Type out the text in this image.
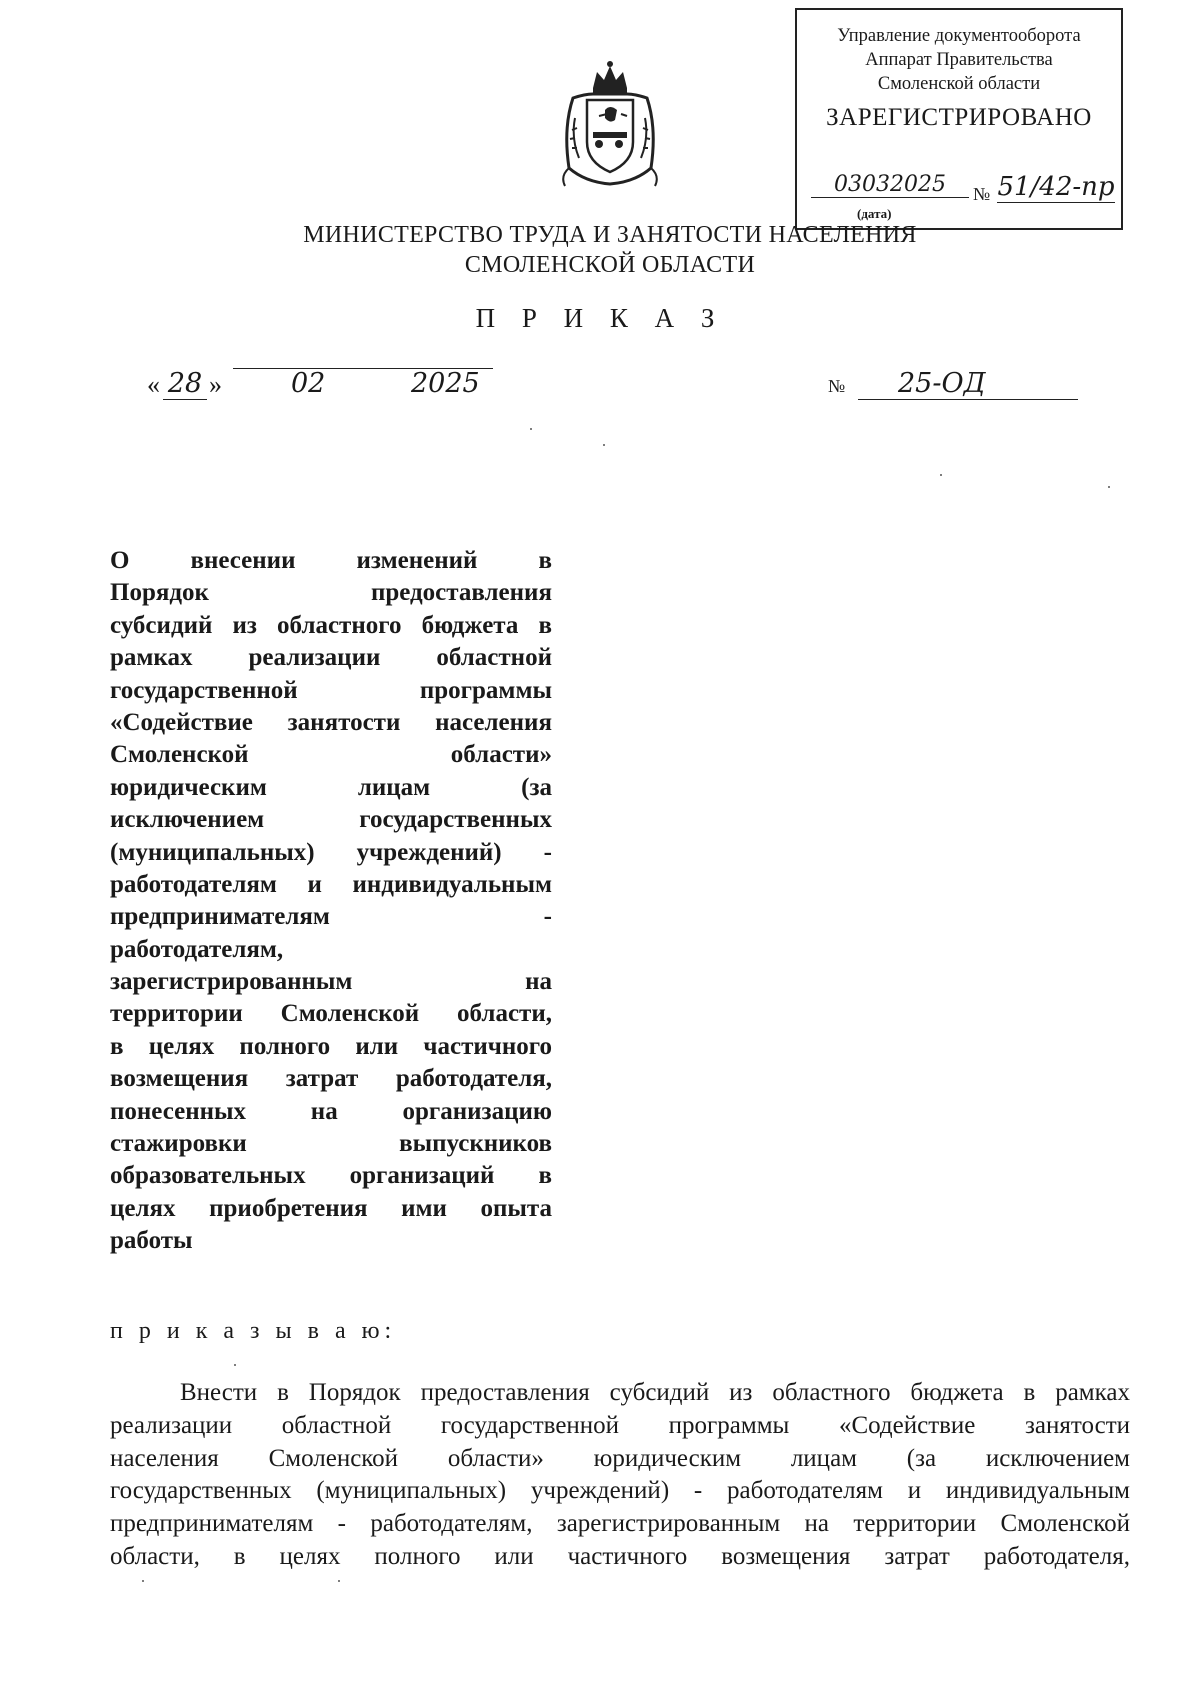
Управление документооборота
Аппарат Правительства
Смоленской области
ЗАРЕГИСТРИРОВАНО
03032025
(дата)
№ 51/42-пр
МИНИСТЕРСТВО ТРУДА И ЗАНЯТОСТИ НАСЕЛЕНИЯ
СМОЛЕНСКОЙ ОБЛАСТИ
П Р И К А З
« 28 »	02	2025	№	25-ОД
О внесении изменений в
Порядок предоставления
субсидий из областного бюджета в
рамках реализации областной
государственной программы
«Содействие занятости населения
Смоленской области»
юридическим лицам (за
исключением государственных
(муниципальных) учреждений) -
работодателям и индивидуальным
предпринимателям -
работодателям,
зарегистрированным на
территории Смоленской области,
в целях полного или частичного
возмещения затрат работодателя,
понесенных на организацию
стажировки выпускников
образовательных организаций в
целях приобретения ими опыта
работы
п р и к а з ы в а ю:
Внести в Порядок предоставления субсидий из областного бюджета в рамках
реализации областной государственной программы «Содействие занятости
населения Смоленской области» юридическим лицам (за исключением
государственных (муниципальных) учреждений) - работодателям и индивидуальным
предпринимателям - работодателям, зарегистрированным на территории Смоленской
области, в целях полного или частичного возмещения затрат работодателя,
